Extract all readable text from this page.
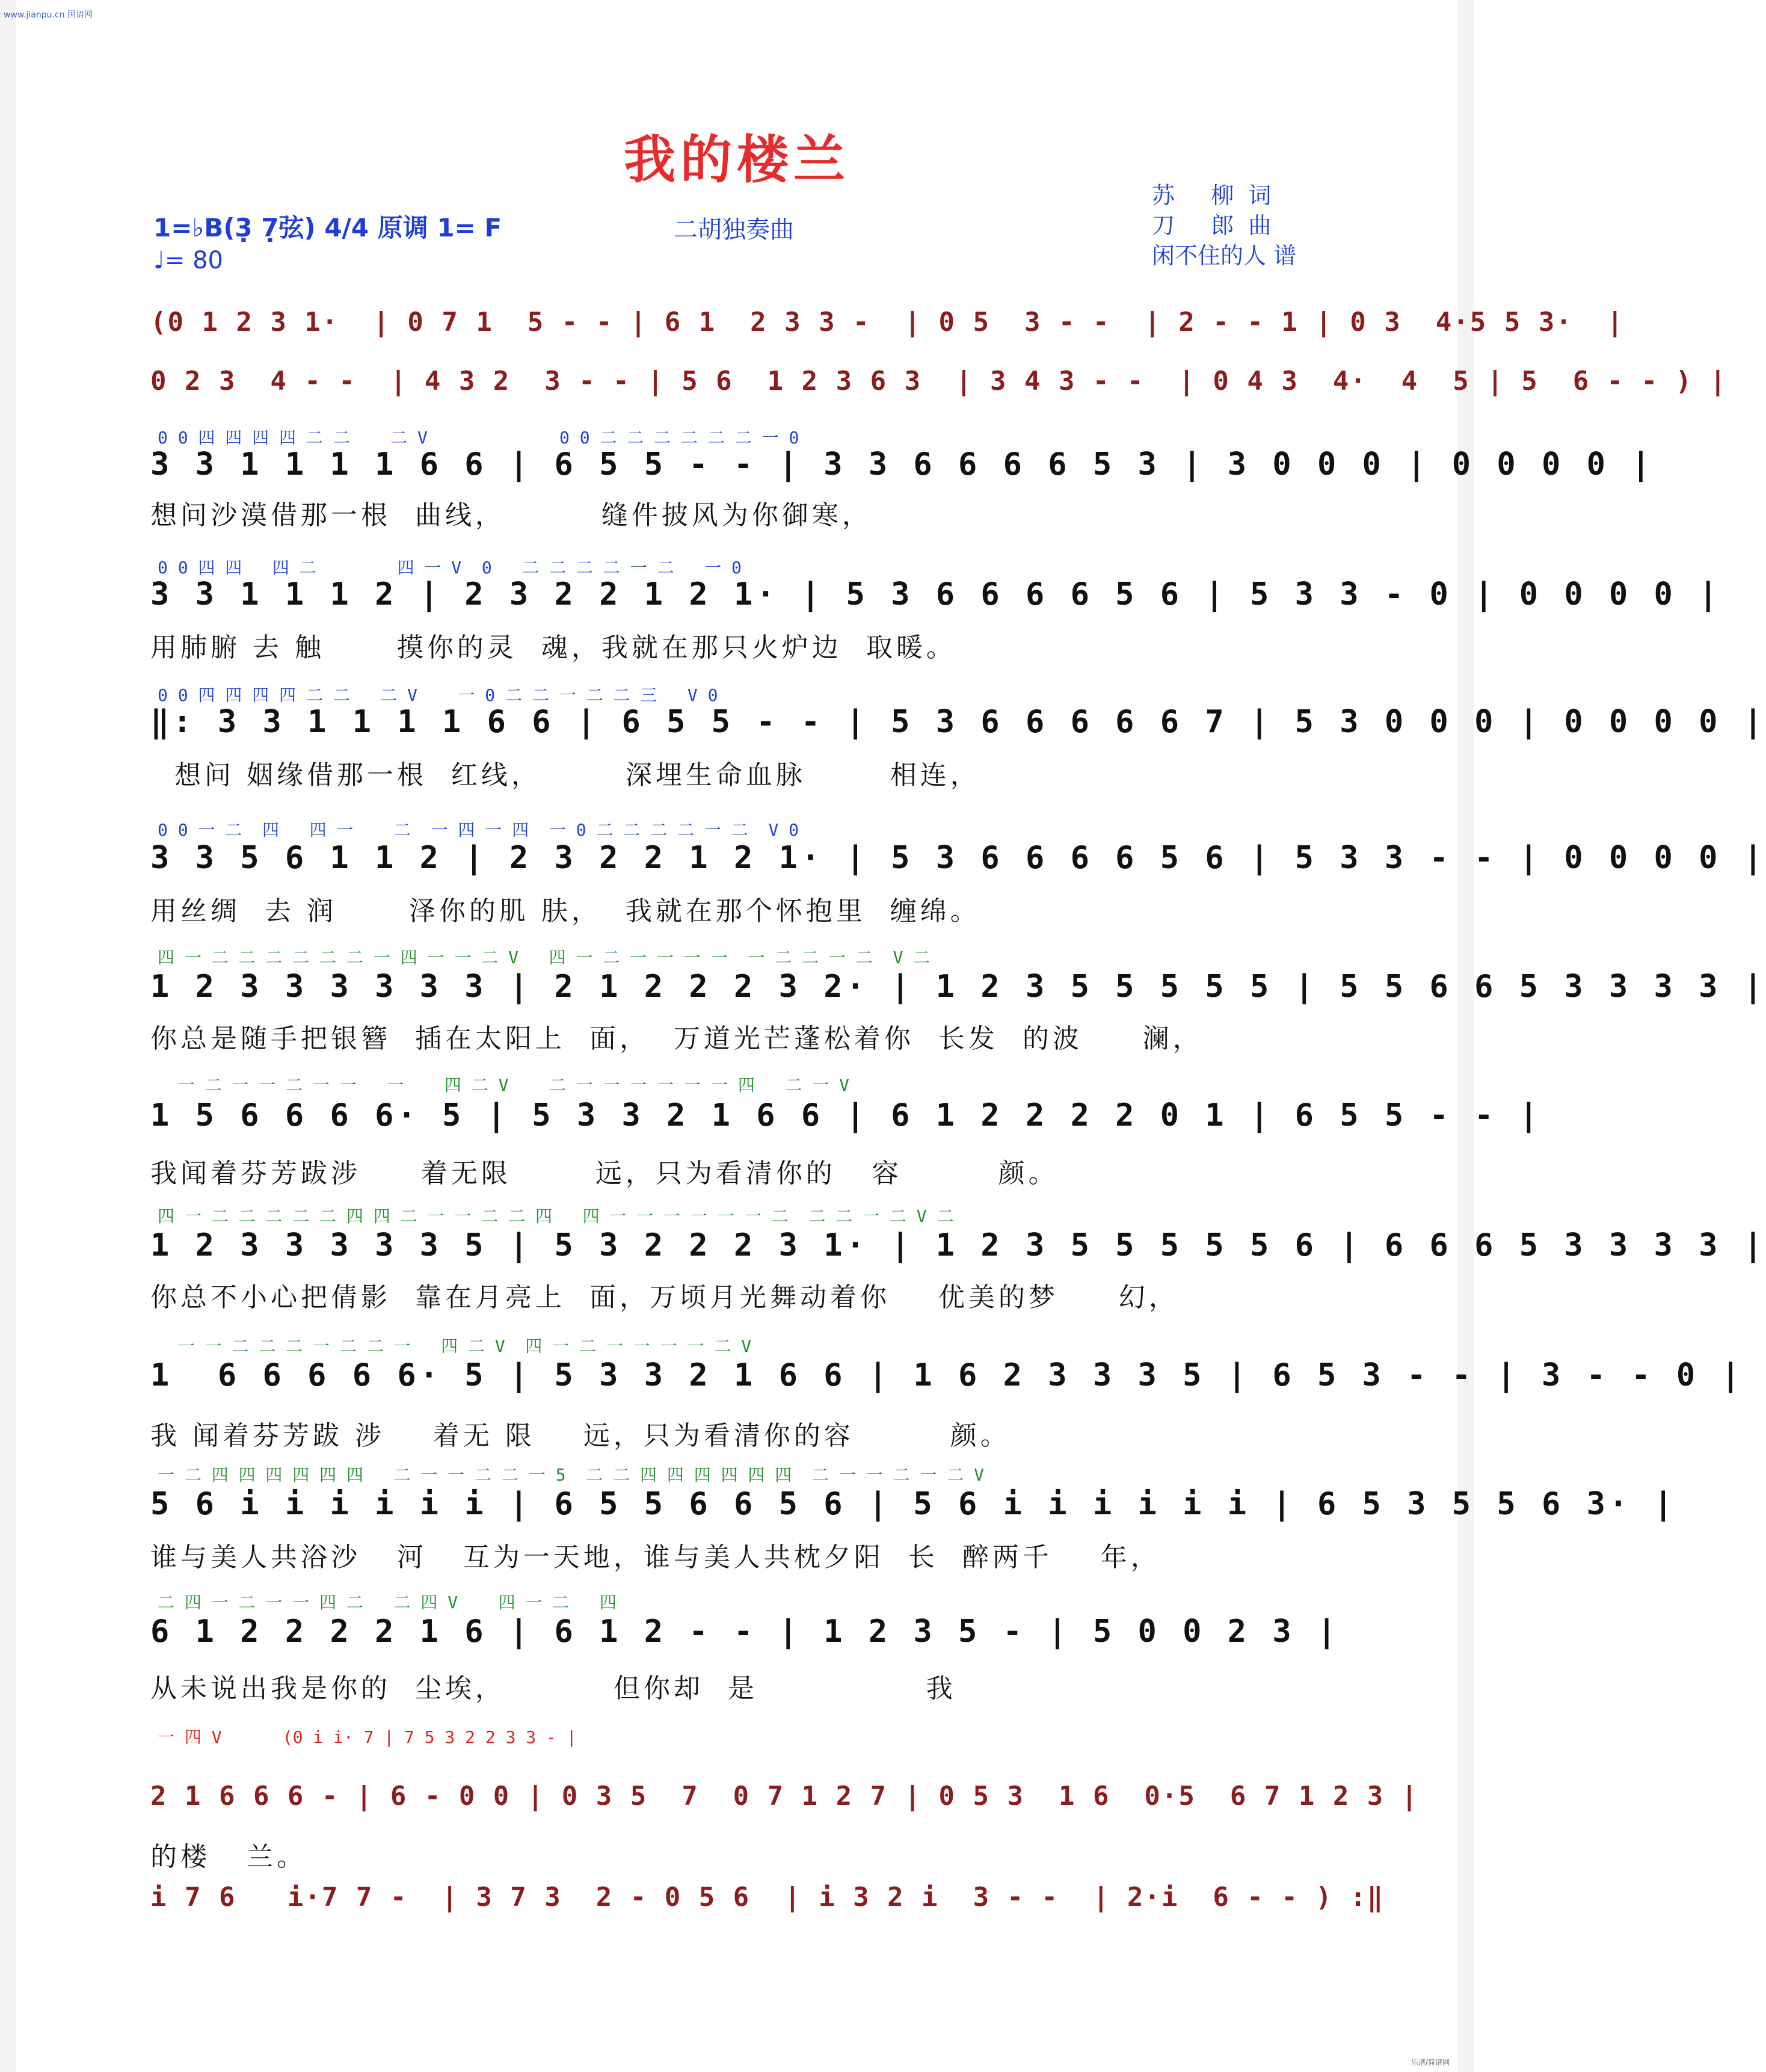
www.jianpu.cn 国语网
我的楼兰
1=♭B(3̣ 7̣弦) 4/4 原调 1= F
♩= 80
二胡独奏曲
苏     柳  词
刀     郎  曲
闲不住的人 谱
(0 1 2 3 1·  | 0 7 1  5 - - | 6 1  2 3 3 -  | 0 5  3 - -  | 2 - - 1 | 0 3  4·5 5 3·  |
0 2 3  4 - -  | 4 3 2  3 - - | 5 6  1 2 3 6 3  | 3 4 3 - -  | 0 4 3  4·  4  5 | 5  6 - - ) |
0 0 四 四 四 四 二 二    二 V             0 0 二 二 二 二 二 二 一 0
3 3 1 1 1 1 6 6 | 6 5 5 - - | 3 3 6 6 6 6 5 3 | 3 0 0 0 | 0 0 0 0 |
想问沙漠借那一根  曲线，        缝件披风为你御寒，
0 0 四 四   四 二        四 一 V  0   二 二 二 二 一 二   一 0
3 3 1 1 1 2 | 2 3 2 2 1 2 1· | 5 3 6 6 6 6 5 6 | 5 3 3 - 0 | 0 0 0 0 |
用肺腑 去 触      摸你的灵  魂，我就在那只火炉边  取暖。
0 0 四 四 四 四 二 二   二 V    一 0 二 二 一 二 二 三   V 0
‖: 3 3 1 1 1 1 6 6 | 6 5 5 - - | 5 3 6 6 6 6 6 7 | 5 3 0 0 0 | 0 0 0 0 |
想问 姻缘借那一根  红线，       深埋生命血脉       相连，
0 0 一 二  四   四 一    二  一 四 一 四  一 0 二 二 二 二 一 二  V 0
3 3 5 6 1 1 2 | 2 3 2 2 1 2 1· | 5 3 6 6 6 6 5 6 | 5 3 3 - - | 0 0 0 0 |
用丝绸  去 润      泽你的肌 肤，  我就在那个怀抱里  缠绵。
四 一 二 二 二 二 二 二 一 四 一 一 二 V   四 一 二 一 一 一 一  一 二 二 一 二  V 二
1 2 3 3 3 3 3 3 | 2 1 2 2 2 3 2· | 1 2 3 5 5 5 5 5 | 5 5 6 6 5 3 3 3 3 |
你总是随手把银簪  插在太阳上  面，  万道光芒蓬松着你  长发  的波     澜，
一 二 一 一 二 一 一   一    四 二 V    二 一 一 一 一 一 一 四   二 一 V
1 5 6 6 6 6· 5 | 5 3 3 2 1 6 6 | 6 1 2 2 2 2 0 1 | 6 5 5 - - |
我闻着芬芳跋涉     着无限       远，只为看清你的   容        颜。
四 一 二 二 二 二 二 四 四 二 一 一 二 二 四   四 一 一 一 一 一 一 二  二 二 一 二 V 二
1 2 3 3 3 3 3 5 | 5 3 2 2 2 3 1· | 1 2 3 5 5 5 5 5 6 | 6 6 6 5 3 3 3 3 |
你总不小心把倩影  靠在月亮上  面，万顷月光舞动着你    优美的梦     幻，
一 一 二 二 二 一 二 二 一   四 二 V  四 一 二 一 一 一 一 二 V
1  6 6 6 6 6· 5 | 5 3 3 2 1 6 6 | 1 6 2 3 3 3 5 | 6 5 3 - - | 3 - - 0 |
我 闻着芬芳跋 涉    着无 限    远，只为看清你的容        颜。
一 二 四 四 四 四 四 四   二 一 一 二 二 一 5  二 二 四 四 四 四 四 四  二 一 一 二 一 二 V
5 6 i i i i i i | 6 5 5 6 6 5 6 | 5 6 i i i i i i | 6 5 3 5 5 6 3· |
谁与美人共浴沙   河   互为一天地，谁与美人共枕夕阳  长  醉两千    年，
二 四 一 二 一 一 四 二   二 四 V    四 一 二   四
6 1 2 2 2 2 1 6 | 6 1 2 - - | 1 2 3 5 - | 5 0 0 2 3 |
从未说出我是你的  尘埃，         但你却  是              我
一 四 V      (0 i i· 7 | 7 5 3 2 2 3 3 - |
2 1 6 6 6 - | 6 - 0 0 | 0 3 5  7  0 7 1 2 7 | 0 5 3  1 6  0·5  6 7 1 2 3 |
的楼   兰。
i 7 6   i·7 7 -  | 3 7 3  2 - 0 5 6  | i 3 2 i  3 - -  | 2·i  6 - - ) :‖
乐谱/简谱网
